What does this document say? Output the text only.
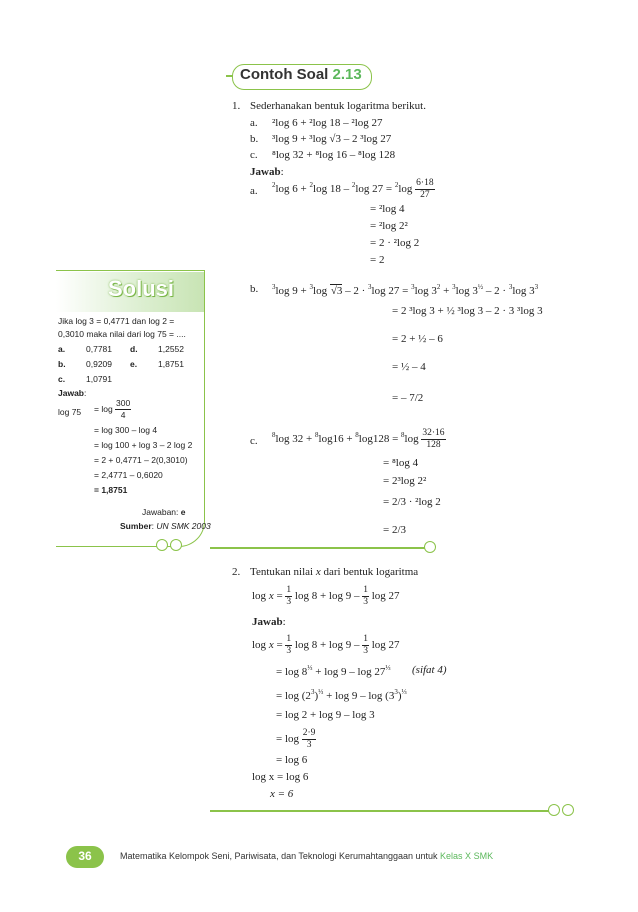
Contoh Soal 2.13
1. Sederhanakan bentuk logaritma berikut.
a. ²log 6 + ²log 18 – ²log 27
b. ³log 9 + ³log √3 – 2 ³log 27
c. ⁸log 32 + ⁸log 16 – ⁸log 128
Jawab:
a. $^2$log 6 + $^2$log 18 – $^2$log $27 = ^2\log \frac{6\cdot 18}{27}$
= ²log 4
= ²log 2²
= 2 · ²log 2
= 2
b. $^3$log 9 + $^3$log √3 – 2 · $^3$log 27 = $^3$log $3^2 + ^3\log$ $3^{\frac{1}{2}} - 2 \cdot ^3\log$ $3^3$
= 2 ³log 3 + ½ ³log 3 – 2 · 3 ³log 3
= 2 + ½ – 6
= ½ – 4
= – 7/2
c. $^8$log $32 + ^8\log 16 + ^8\log 128 = ^8\log \frac{32\cdot 16}{128}$
= ⁸log 4
= 2³log 2²
= 2/3 · ²log 2
= 2/3
2. Tentukan nilai x dari bentuk logaritma
$\log x = \frac{1}{3}$ $\log 8 + \log 9 - \frac{1}{3}$ log 27
Jawab:
$\log x = \frac{1}{3}$ $\log 8 + \log 9 - \frac{1}{3}$ log 27
= $\log 8^{\frac{1}{3}} + \log 9 - \log 27^{\frac{1}{3}}$ (sifat 4)
= $\log (2^3)^{\frac{1}{3}} + \log 9 - \log (3^3)^{\frac{1}{3}}$
= log 2 + log 9 – log 3
= $\log \frac{2\cdot 9}{3}$
= log 6
log x = log 6
x = 6
Solusi
Jika log 3 = 0,4771 dan log 2 =
0,3010 maka nilai dari log 75 = ....
a. 0,7781 d. 1,2552
b. 0,9209 e. 1,8751
c. 1,0791
Jawab:
$\log 75 = \log \frac{300}{4}$
= log 300 – log 4
= log 100 + log 3 – 2 log 2
= 2 + 0,4771 – 2(0,3010)
= 2,4771 – 0,6020
= 1,8751
Jawaban: e
Sumber: UN SMK 2003
36	Matematika Kelompok Seni, Pariwisata, dan Teknologi Kerumahtanggaan untuk Kelas X SMK
